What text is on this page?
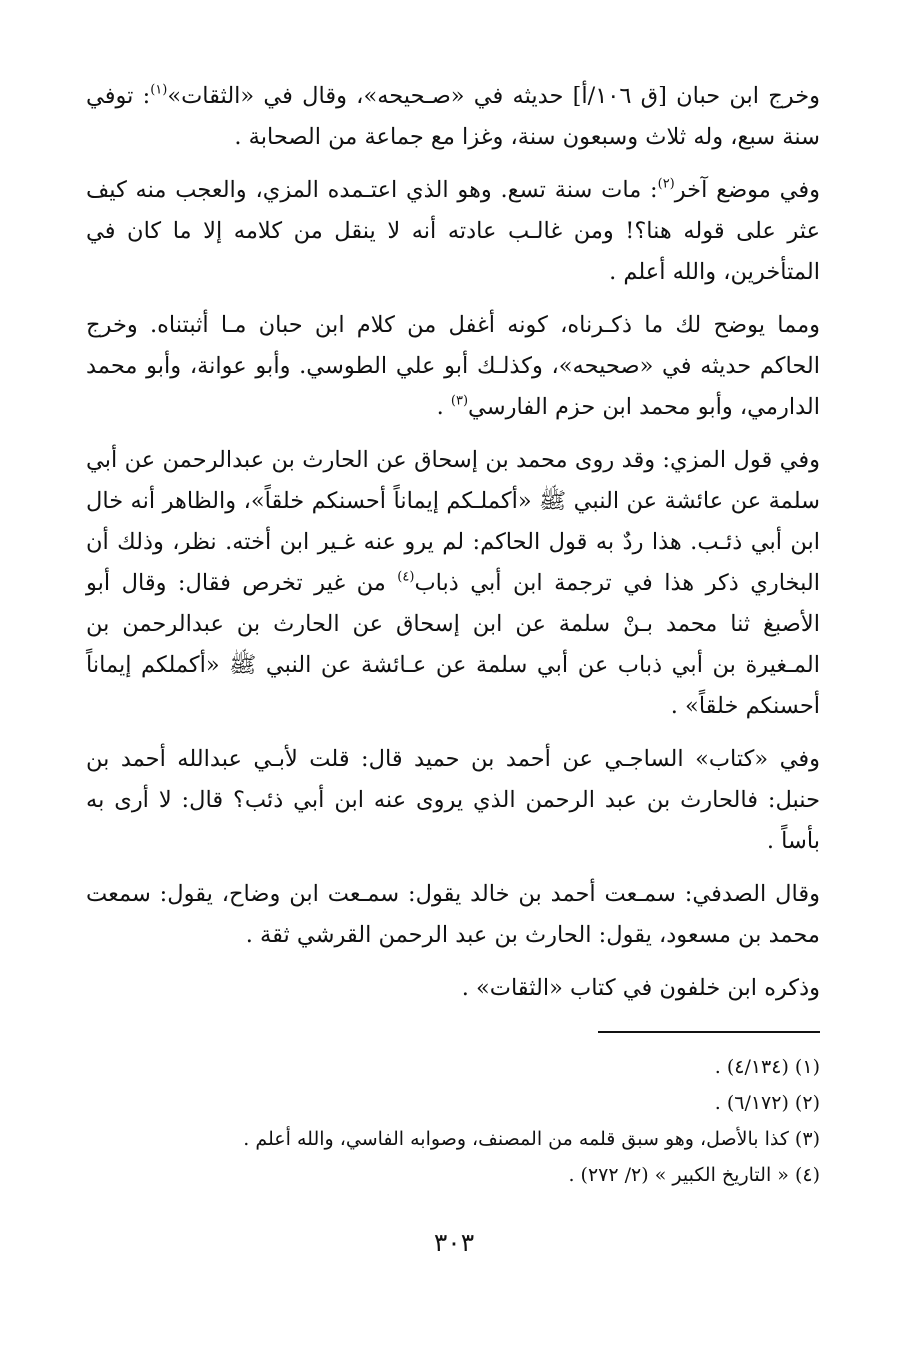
وخرج ابن حبان [ق ١٠٦/أ] حديثه في «صـحيحه»، وقال في «الثقات»$^{(١)}$: توفي سنة سبع، وله ثلاث وسبعون سنة، وغزا مع جماعة من الصحابة .

وفي موضع آخر$^{(٢)}$: مات سنة تسع. وهو الذي اعتـمده المزي، والعجب منه كيف عثر على قوله هنا؟! ومن غالـب عادته أنه لا ينقل من كلامه إلا ما كان في المتأخرين، والله أعلم .

ومما يوضح لك ما ذكـرناه، كونه أغفل من كلام ابن حبان مـا أثبتناه. وخرج الحاكم حديثه في «صحيحه»، وكذلـك أبو علي الطوسي. وأبو عوانة، وأبو محمد الدارمي، وأبو محمد ابن حزم الفارسي$^{(٣)}$ .

وفي قول المزي: وقد روى محمد بن إسحاق عن الحارث بن عبدالرحمن عن أبي سلمة عن عائشة عن النبي ﷺ «أكملـكم إيماناً أحسنكم خلقاً»، والظاهر أنه خال ابن أبي ذئـب. هذا ردٌ به قول الحاكم: لم يرو عنه غـير ابن أخته. نظر، وذلك أن البخاري ذكر هذا في ترجمة ابن أبي ذباب$^{(٤)}$ من غير تخرص فقال: وقال أبو الأصبغ ثنا محمد بـنْ سلمة عن ابن إسحاق عن الحارث بن عبدالرحمن بن المـغيرة بن أبي ذباب عن أبي سلمة عن عـائشة عن النبي ﷺ «أكملكم إيماناً أحسنكم خلقاً» .

وفي «كتاب» الساجـي عن أحمد بن حميد قال: قلت لأبـي عبدالله أحمد بن حنبل: فالحارث بن عبد الرحمن الذي يروى عنه ابن أبي ذئب؟ قال: لا أرى به بأساً .

وقال الصدفي: سمـعت أحمد بن خالد يقول: سمـعت ابن وضاح، يقول: سمعت محمد بن مسعود، يقول: الحارث بن عبد الرحمن القرشي ثقة .

وذكره ابن خلفون في كتاب «الثقات» .

(١) (٤/١٣٤) .

(٢) (٦/١٧٢) .

(٣) كذا بالأصل، وهو سبق قلمه من المصنف، وصوابه الفاسي، والله أعلم .

(٤) « التاريخ الكبير » (٢/ ٢٧٢) .

٣٠٣
